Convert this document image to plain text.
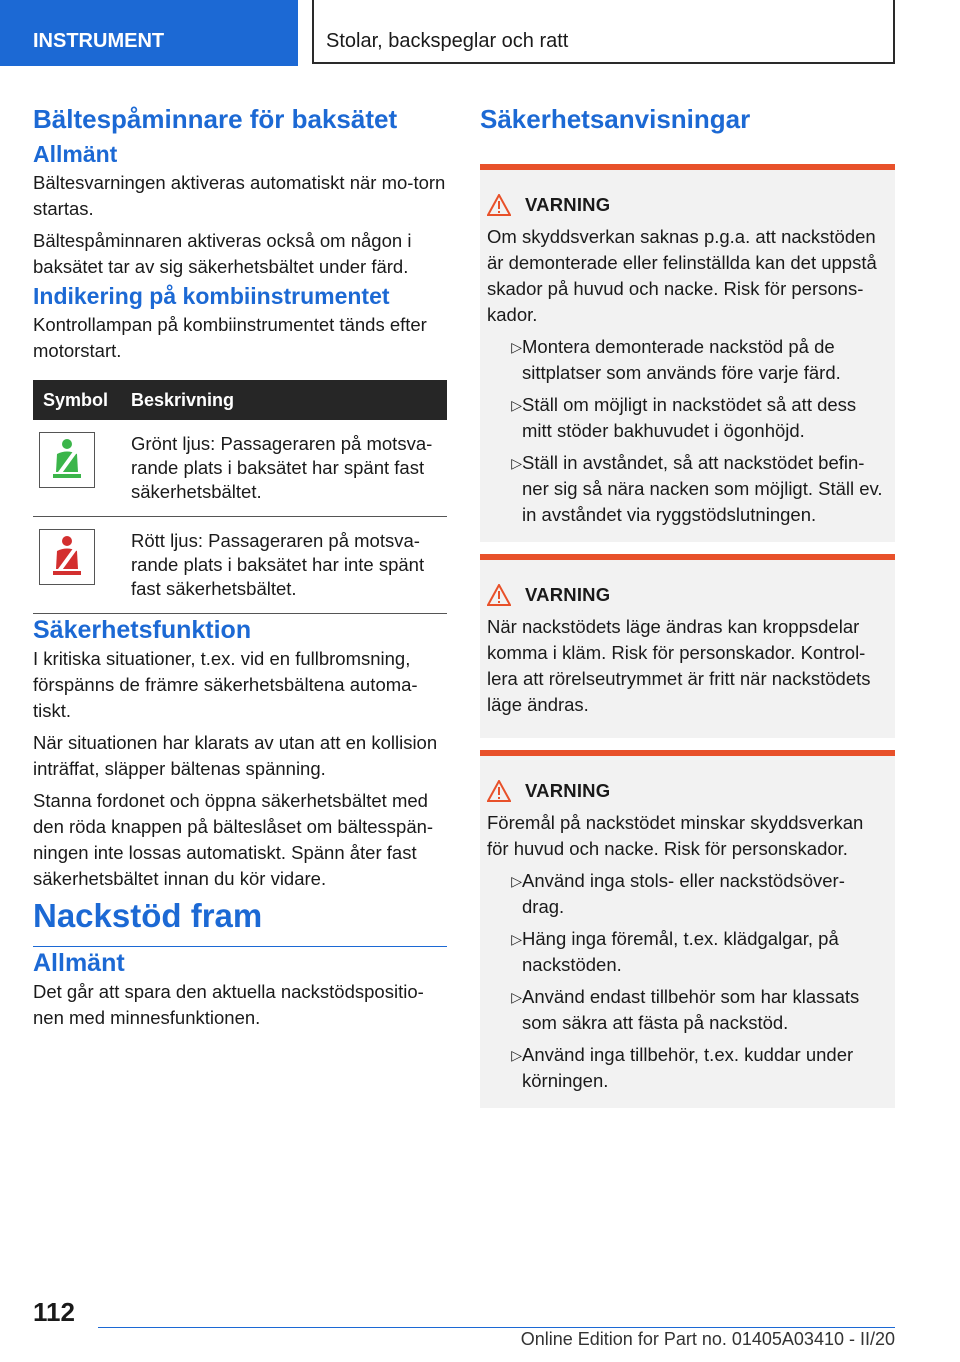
INSTRUMENT	Stolar, backspeglar och ratt
Bältespåminnare för baksätet
Allmänt

Bältesvarningen aktiveras automatiskt när mo‐torn startas.

Bältespåminnaren aktiveras också om någon i baksätet tar av sig säkerhetsbältet under färd.

Indikering på kombiinstrumentet

Kontrollampan på kombiinstrumentet tänds efter motorstart.

Symbol	Beskrivning

	Grönt ljus: Passageraren på motsva‐rande plats i baksätet har spänt fast säkerhetsbältet.

	Rött ljus: Passageraren på motsva‐rande plats i baksätet har inte spänt fast säkerhetsbältet.
Säkerhetsfunktion

I kritiska situationer, t.ex. vid en fullbromsning, förspänns de främre säkerhetsbältena automa‐tiskt.

När situationen har klarats av utan att en kollision inträffat, släpper bältenas spänning.

Stanna fordonet och öppna säkerhetsbältet med den röda knappen på bälteslåset om bältesspän‐ningen inte lossas automatiskt. Spänn åter fast säkerhetsbältet innan du kör vidare.

Nackstöd fram
Allmänt

Det går att spara den aktuella nackstödspositio‐nen med minnesfunktionen.

Säkerhetsanvisningar
VARNING

Om skyddsverkan saknas p.g.a. att nackstöden är demonterade eller felinställda kan det uppstå skador på huvud och nacke. Risk för persons‐kador.

▷ Montera demonterade nackstöd på de sittplatser som används före varje färd.
▷ Ställ om möjligt in nackstödet så att dess mitt stöder bakhuvudet i ögonhöjd.
▷ Ställ in avståndet, så att nackstödet befin‐ner sig så nära nacken som möjligt. Ställ ev. in avståndet via ryggstödslutningen.
VARNING

När nackstödets läge ändras kan kroppsdelar komma i kläm. Risk för personskador. Kontrol‐lera att rörelseutrymmet är fritt när nackstödets läge ändras.

VARNING

Föremål på nackstödet minskar skyddsverkan för huvud och nacke. Risk för personskador.

▷ Använd inga stols- eller nackstödsöver‐drag.
▷ Häng inga föremål, t.ex. klädgalgar, på nackstöden.
▷ Använd endast tillbehör som har klassats som säkra att fästa på nackstöd.
▷ Använd inga tillbehör, t.ex. kuddar under körningen.
112
Online Edition for Part no. 01405A03410 - II/20
